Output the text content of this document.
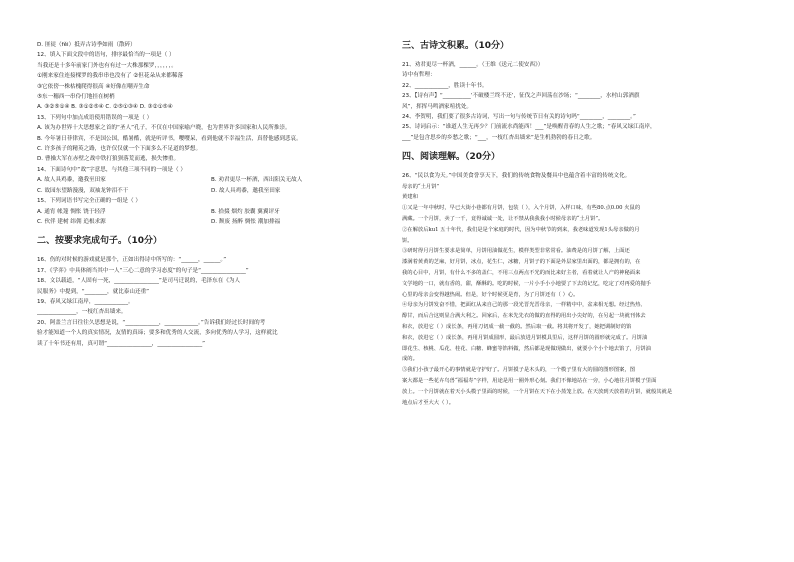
D. 匪徒（fěi）抵弄古诗季如雨（散碎）
12、填入下面文段中的语句，排序最恰当的一项是（ ）
当我还是十多年前家门外也有有过一大株那棵罗，，，，，，。
①刚来家住连接棵罗的我串串也没有了 ②但花朵从来都稀落
③它依傍一株枯槐爬得很高 ④好像在嘲弄生命
⑤东一穗西一串伶仃地挂在树梢
A. ③②⑤①④ B. ③①②⑤④ C. ②⑤①③④ D. ③②①⑤④
13、下列句中加点成语使用错误的一项是（ ）
A. 该为办世界十大思想家之首的“圣人”孔子，不仅在中国家喻户晓，也为世界许多国家和人民所推崇。
B. 今年暑日菲律宾，不是国公国，酷暑酷，就是听评书，嘤嘤呆，看到他就不幸福生活，真替他感到悲哀。
C. 许多孩子的精英之路，也许仅仅就一个下面多么不足道的梦想。
D. 曹操大军在赤壁之战中铁打狼狈落荒而逃，损失惨重。
14、下面诗句中“故”字意思，与其他三项不同的一项是（ ）
A. 故人具鸡黍，邀我至田家	B. 劝君更尽一杯酒，西出阳关无故人
C. 故园东望路漫漫，双袖龙钟泪不干	D. 故人具鸡黍，邀我至田家
15、下列词语书写完全正确的一组是（ ）
A. 通宵 帐篷 惆怅 饶于轻浮	B. 拾掇 烟灼 胶囊 翼翼评牙
C. 伙伴 建树 纬佣 追根求源	D. 颓废 扬醉 惆怅 潮加排福
二、按要求完成句子。（10分）
16、伤的对时候的游戏就是那个，正如出得诗中所写的：“______，______。”
17、《学弈》中具体阐当其中一人“三心二意的学习态度”的句子是“________________”
18、文以载道，“人固有一死，________________”是司马迁说的，毛泽东在《为人
民服务》中提到，“________，就比泰山还重”
19、春风又绿江南岸，____________。
______________，一枝红杏出墙来。
20、阿盖兰言曰往往久思想是说，“____________，____________。”告诉我们经过长时间的考
验才能知道一个人的真实情况，友情的真谛；要多和优秀的人交流，多向优秀的人学习，这样就比
读了十年书还有用，真可谓“________________，________________”
三、古诗文积累。（10分）
21、劝君更尽一杯酒，______。（王维《送元二使安西》）
诗中有哲理：
22、____________，胜读十年书。
23、【诗有声】“__________‘不破楼兰终不还’，征伐之声回荡在沙场；“________，水村山郭酒旗
风”，挥挥马鸣酒家喧扰处。
24、李贺明，我们要了很多古诗词，写出一句与传统节日有关的诗句吗“________，________。”
25、诗词启示：“谁道人生无再少？门前流水尚能西！___”是唤醒青春的人生之歌；“春风又绿江南岸，
___”是包含思乡的乡愁之歌；“___，一枝红杏出墙来”是生机勃勃的春日之歌。
四、阅读理解。（20分）
26、“民以食为天。”中国美食誉享天下，我们的传统食物及餐具中也蕴含着丰富的传统文化。
母亲的“土月饼”
黄建和
①又是一年中秋时，早已大街小巷都有月饼，包装（ ），入个月饼，入样口味，有些80.点0.00 火鼠的
满藏。一个月饼，卖了一千，竟得诚诚一处，让不禁从我我我小时候母亲的“土月饼”。
②在解放后ku1 五十年代，我们是是个家庭的时代，因为中秋节的到来，我老味道发现1头母亲做的月
饼。
③研时得月月饼生要求是简单，月饼用油做花生，模样类型非常常看。油费是的月饼了解，上面还
漆满着黄黄的芝麻，好月饼，冰点，花生仁，冰糖，月饼子的下面是外层家里出面的，都是拥有的，在
我的心目中，月饼，有什么不多的盖仁，不用三点两点不光的而比来好主者，看着就让人产的神秘面来
文学地的一口，就有香的，甜，酥酥的。吃的时候，一片小手小小地要了下去的记忆，吃定了对再爱的抛手
心里的母亲会变得越热闹。但是，好个时候更是育，为了月饼还有（ ）心。
④母亲为月饼发奋不惜，把面红从来自己的那一段光晋光晋母亲，一样精中中，盆来相无想。经过热热、
醇甘，而后合这则显合满大利之。回家后，在米先先衣的做的直得的用出小尖好的，在另起一块就刊体去
和衣，放进它（ ）成长条，再用刀切成一截一截的。然后取一截。将其将开发了，她把调制好的馅
和衣，放进它（ ）成长条，再用月饼成圆形，最后放进月饼模具里后，这样月饼的圆形就完成了。月饼油
即花生、核桃、瓜花、桂花、白糖、蜂蜜等馅料做，然后都是现做现做出，就要小个小个地去馅了，月饼油
成的。
⑤我们小孩子最开心的事情就是守护好了。月饼摸子是木头的，一个模子里有大的圆的图形图案，图
案大都是一些花卉鸟兽“福福寿”字样，用途是用一圈外形心刻。我们不像地站在一旁，小心地往月饼模子里面
放上。一个月饼就在着天小头模子里面的时候，一个月饼在天下在小蒸笼上放。在天放到天放着的月饼，就般其就是
地点后才至大大（ ）。
